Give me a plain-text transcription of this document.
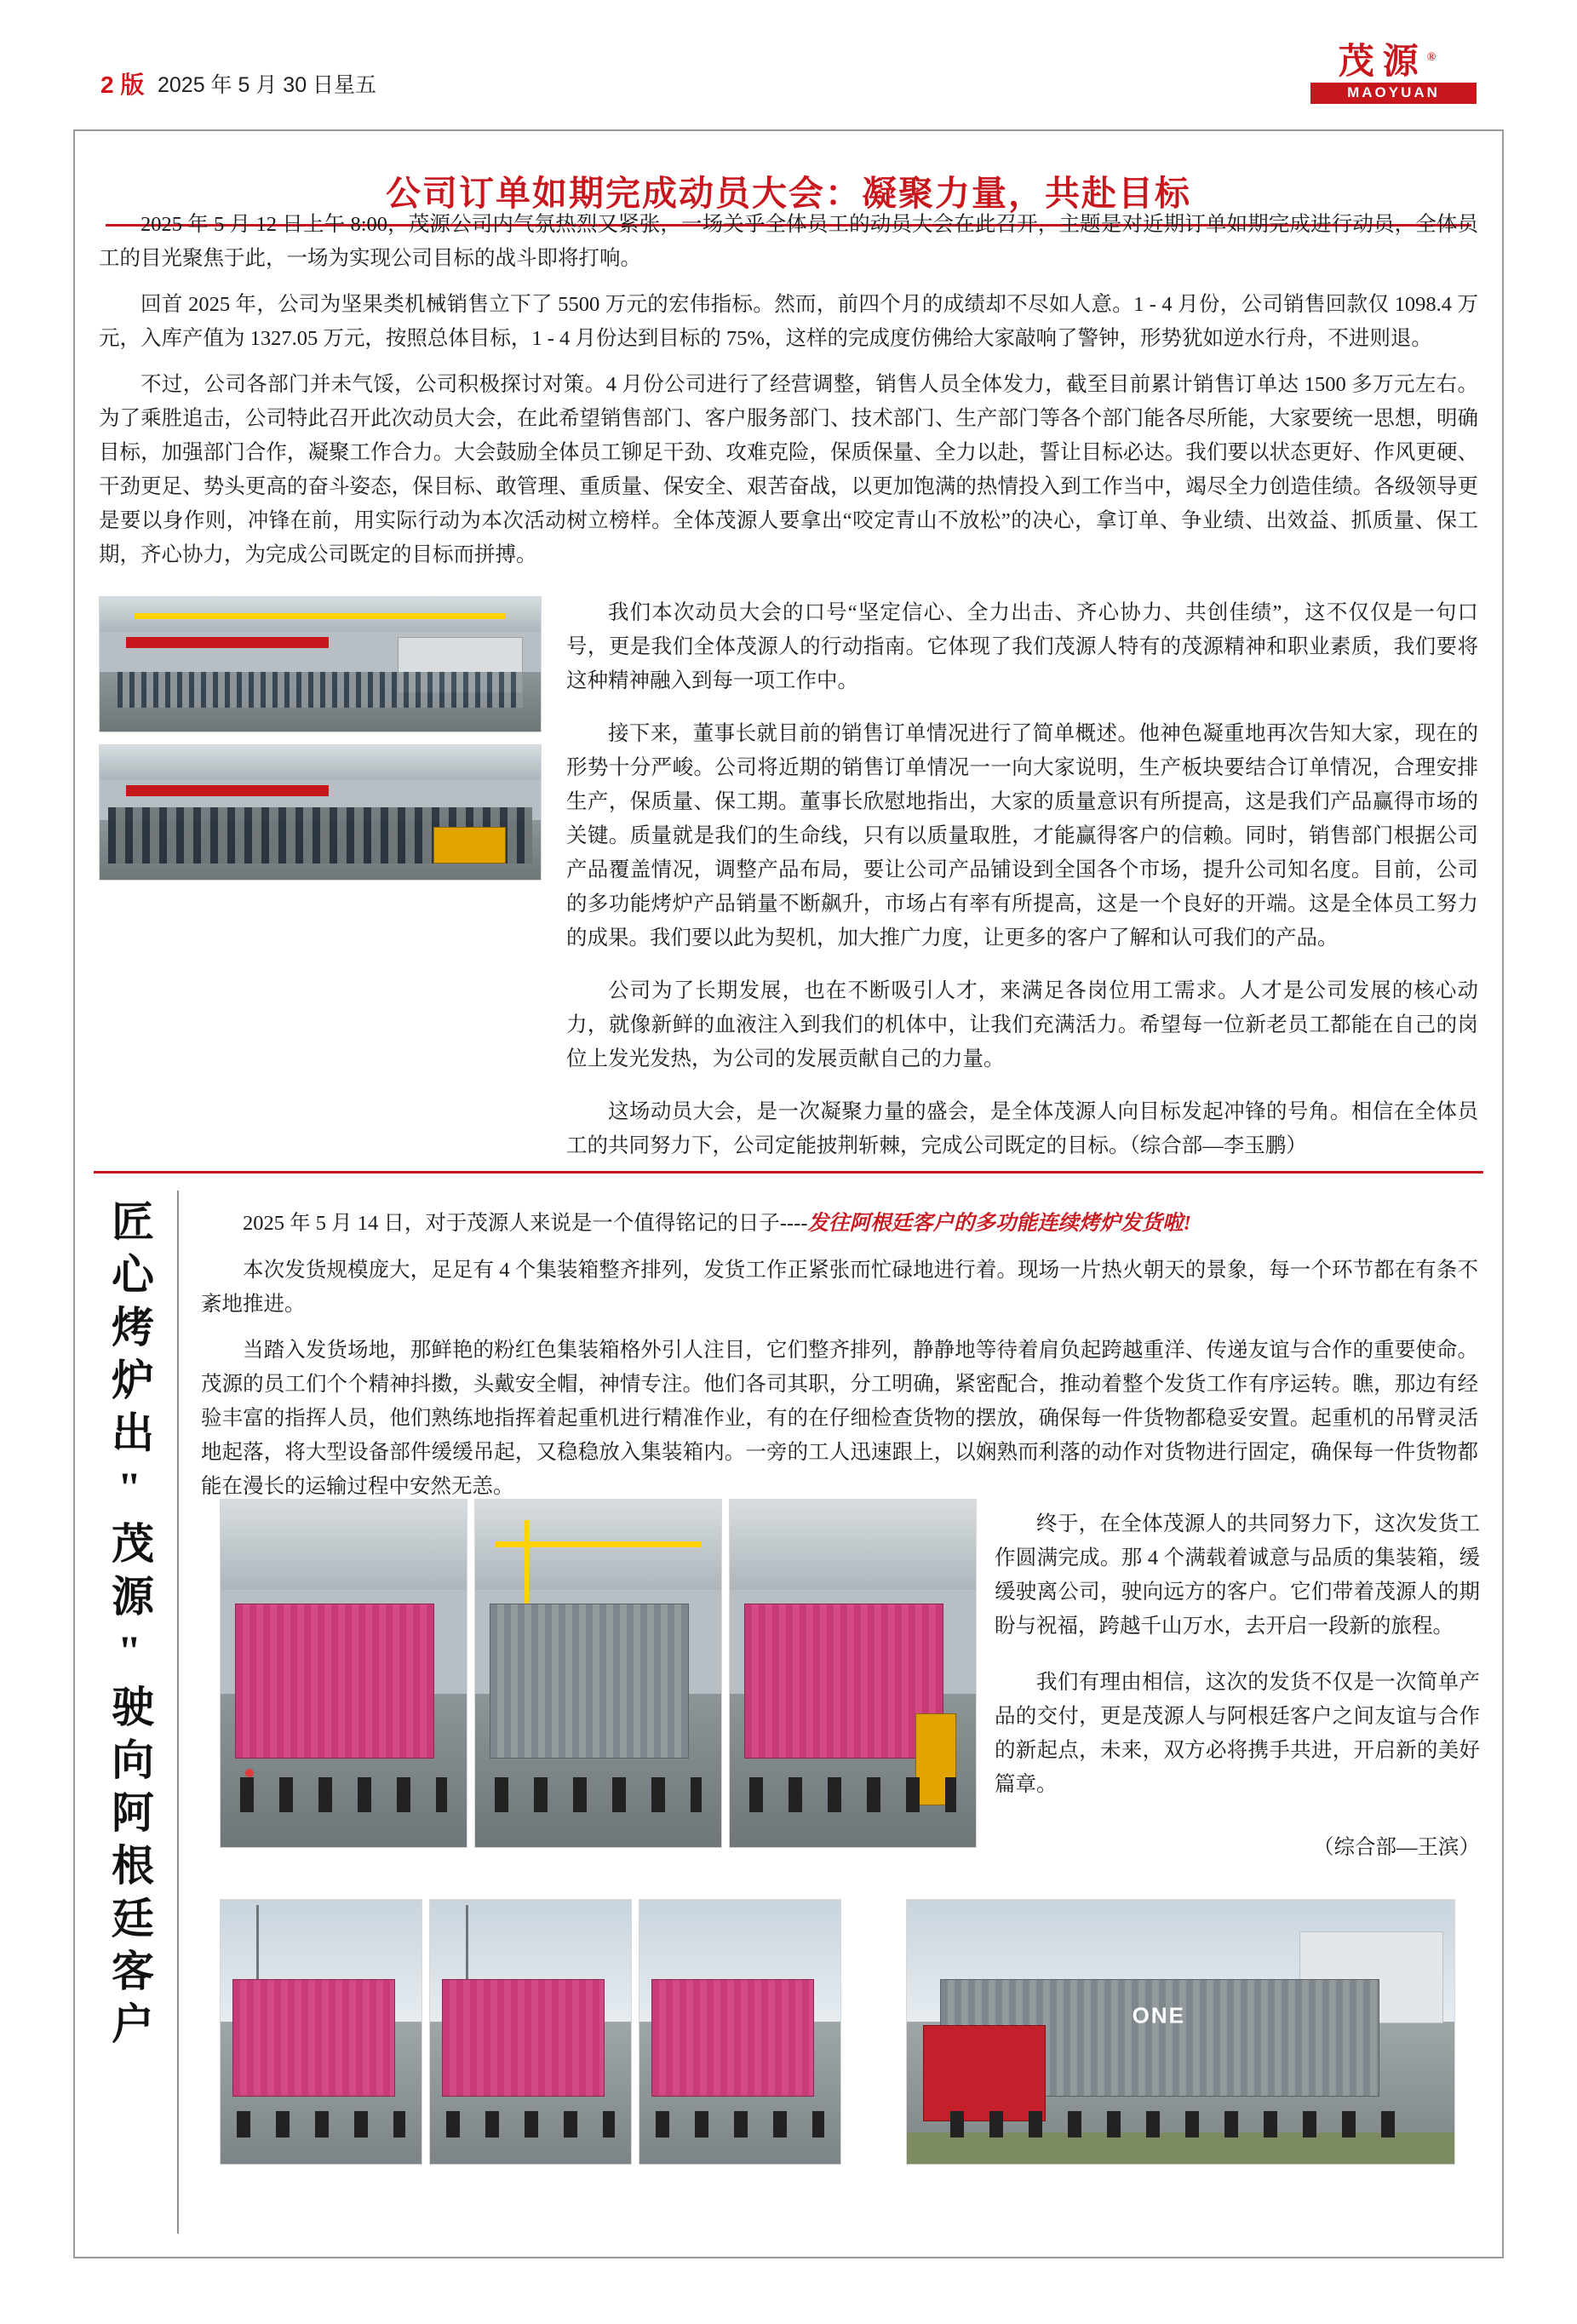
2 版 2025 年 5 月 30 日星五
茂源®
MAOYUAN
公司订单如期完成动员大会：凝聚力量，共赴目标

2025 年 5 月 12 日上午 8:00，茂源公司内气氛热烈又紧张，一场关乎全体员工的动员大会在此召开，主题是对近期订单如期完成进行动员，全体员工的目光聚焦于此，一场为实现公司目标的战斗即将打响。

回首 2025 年，公司为坚果类机械销售立下了 5500 万元的宏伟指标。然而，前四个月的成绩却不尽如人意。1 - 4 月份，公司销售回款仅 1098.4 万元，入库产值为 1327.05 万元，按照总体目标，1 - 4 月份达到目标的 75%，这样的完成度仿佛给大家敲响了警钟，形势犹如逆水行舟，不进则退。

不过，公司各部门并未气馁，公司积极探讨对策。4 月份公司进行了经营调整，销售人员全体发力，截至目前累计销售订单达 1500 多万元左右。为了乘胜追击，公司特此召开此次动员大会，在此希望销售部门、客户服务部门、技术部门、生产部门等各个部门能各尽所能，大家要统一思想，明确目标，加强部门合作，凝聚工作合力。大会鼓励全体员工铆足干劲、攻难克险，保质保量、全力以赴，誓让目标必达。我们要以状态更好、作风更硬、干劲更足、势头更高的奋斗姿态，保目标、敢管理、重质量、保安全、艰苦奋战，以更加饱满的热情投入到工作当中，竭尽全力创造佳绩。各级领导更是要以身作则，冲锋在前，用实际行动为本次活动树立榜样。全体茂源人要拿出“咬定青山不放松”的决心，拿订单、争业绩、出效益、抓质量、保工期，齐心协力，为完成公司既定的目标而拼搏。

我们本次动员大会的口号“坚定信心、全力出击、齐心协力、共创佳绩”，这不仅仅是一句口号，更是我们全体茂源人的行动指南。它体现了我们茂源人特有的茂源精神和职业素质，我们要将这种精神融入到每一项工作中。

接下来，董事长就目前的销售订单情况进行了简单概述。他神色凝重地再次告知大家，现在的形势十分严峻。公司将近期的销售订单情况一一向大家说明，生产板块要结合订单情况，合理安排生产，保质量、保工期。董事长欣慰地指出，大家的质量意识有所提高，这是我们产品赢得市场的关键。质量就是我们的生命线，只有以质量取胜，才能赢得客户的信赖。同时，销售部门根据公司产品覆盖情况，调整产品布局，要让公司产品铺设到全国各个市场，提升公司知名度。目前，公司的多功能烤炉产品销量不断飙升，市场占有率有所提高，这是一个良好的开端。这是全体员工努力的成果。我们要以此为契机，加大推广力度，让更多的客户了解和认可我们的产品。

公司为了长期发展，也在不断吸引人才，来满足各岗位用工需求。人才是公司发展的核心动力，就像新鲜的血液注入到我们的机体中，让我们充满活力。希望每一位新老员工都能在自己的岗位上发光发热，为公司的发展贡献自己的力量。

这场动员大会，是一次凝聚力量的盛会，是全体茂源人向目标发起冲锋的号角。相信在全体员工的共同努力下，公司定能披荆斩棘，完成公司既定的目标。（综合部—李玉鹏）

匠心烤炉出"茂源"驶向阿根廷客户	2025 年 5 月 14 日，对于茂源人来说是一个值得铭记的日子----发往阿根廷客户的多功能连续烤炉发货啦!

本次发货规模庞大，足足有 4 个集装箱整齐排列，发货工作正紧张而忙碌地进行着。现场一片热火朝天的景象，每一个环节都在有条不紊地推进。

当踏入发货场地，那鲜艳的粉红色集装箱格外引人注目，它们整齐排列，静静地等待着肩负起跨越重洋、传递友谊与合作的重要使命。茂源的员工们个个精神抖擞，头戴安全帽，神情专注。他们各司其职，分工明确，紧密配合，推动着整个发货工作有序运转。瞧，那边有经验丰富的指挥人员，他们熟练地指挥着起重机进行精准作业，有的在仔细检查货物的摆放，确保每一件货物都稳妥安置。起重机的吊臂灵活地起落，将大型设备部件缓缓吊起，又稳稳放入集装箱内。一旁的工人迅速跟上，以娴熟而利落的动作对货物进行固定，确保每一件货物都能在漫长的运输过程中安然无恙。

终于，在全体茂源人的共同努力下，这次发货工作圆满完成。那 4 个满载着诚意与品质的集装箱，缓缓驶离公司，驶向远方的客户。它们带着茂源人的期盼与祝福，跨越千山万水，去开启一段新的旅程。

我们有理由相信，这次的发货不仅是一次简单产品的交付，更是茂源人与阿根廷客户之间友谊与合作的新起点，未来，双方必将携手共进，开启新的美好篇章。

（综合部—王滨）
ONE
